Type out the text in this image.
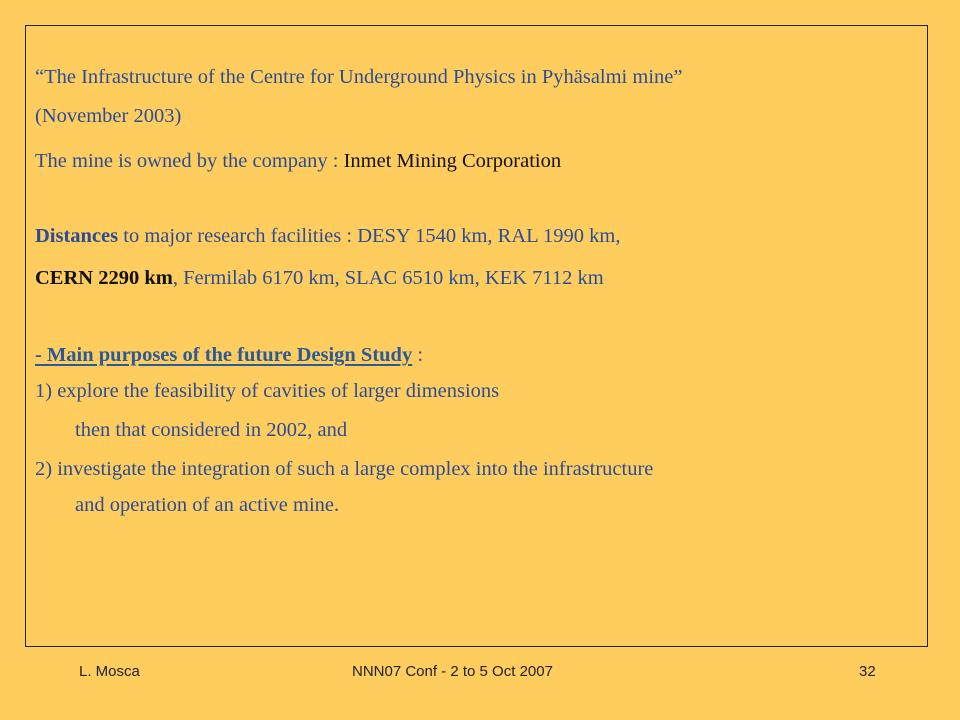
“The Infrastructure of the Centre for Underground Physics in Pyhäsalmi mine”
(November 2003)
The mine is owned by the company : Inmet Mining Corporation
Distances to major research facilities : DESY 1540 km, RAL 1990 km,
CERN 2290 km, Fermilab 6170 km, SLAC 6510 km, KEK 7112 km
- Main purposes of the future Design Study :
1) explore the feasibility of cavities of larger dimensions
then that considered in 2002, and
2) investigate the integration of such a large complex into the infrastructure
and operation of an active mine.
L. Mosca	NNN07 Conf - 2 to 5 Oct 2007	32
